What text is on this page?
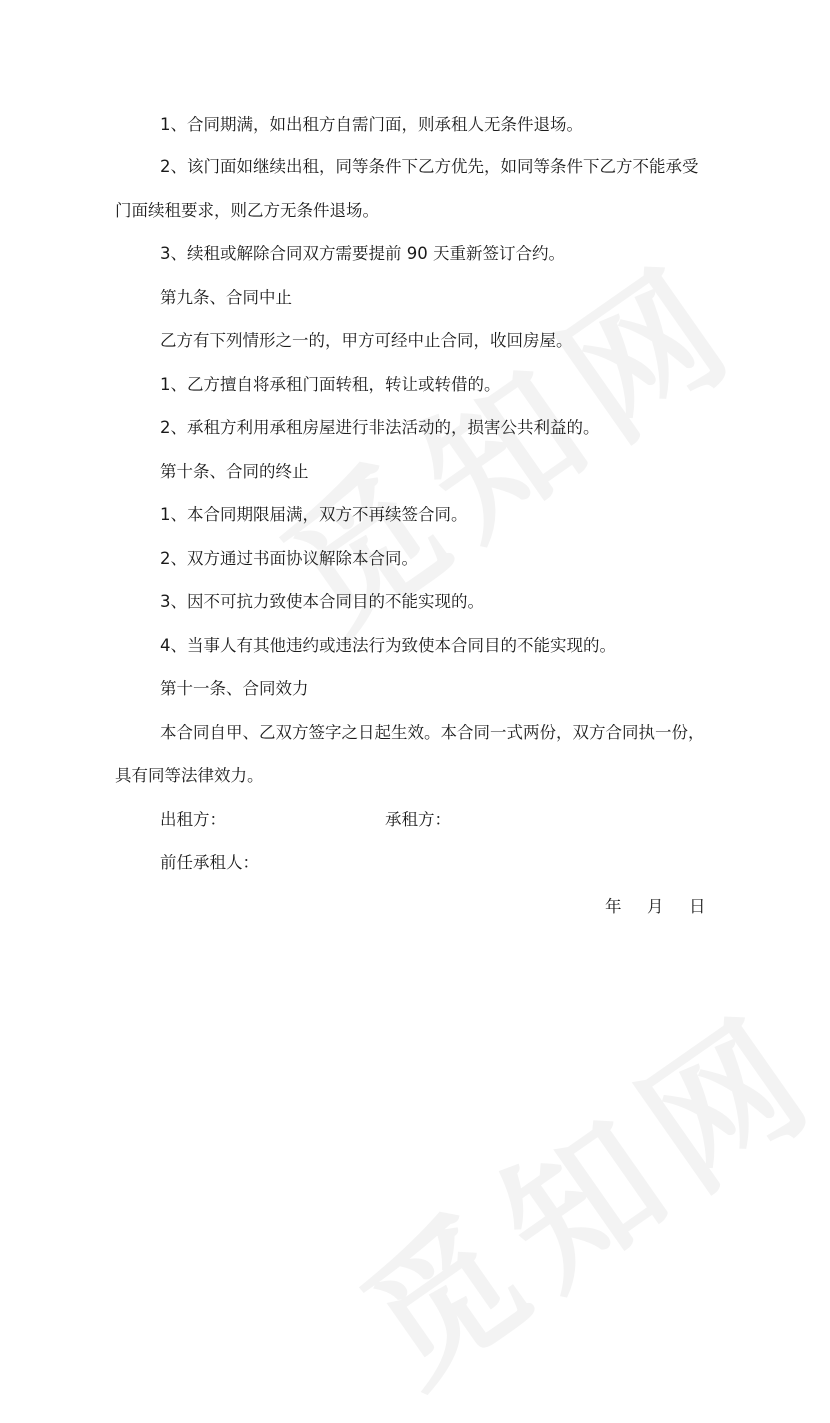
1、合同期满，如出租方自需门面，则承租人无条件退场。
2、该门面如继续出租，同等条件下乙方优先，如同等条件下乙方不能承受
门面续租要求，则乙方无条件退场。
3、续租或解除合同双方需要提前 90 天重新签订合约。
第九条、合同中止
乙方有下列情形之一的，甲方可经中止合同，收回房屋。
1、乙方擅自将承租门面转租，转让或转借的。
2、承租方利用承租房屋进行非法活动的，损害公共利益的。
第十条、合同的终止
1、本合同期限届满，双方不再续签合同。
2、双方通过书面协议解除本合同。
3、因不可抗力致使本合同目的不能实现的。
4、当事人有其他违约或违法行为致使本合同目的不能实现的。
第十一条、合同效力
本合同自甲、乙双方签字之日起生效。本合同一式两份，双方合同执一份，
具有同等法律效力。
出租方：	承租方：
前任承租人：
年 月 日
